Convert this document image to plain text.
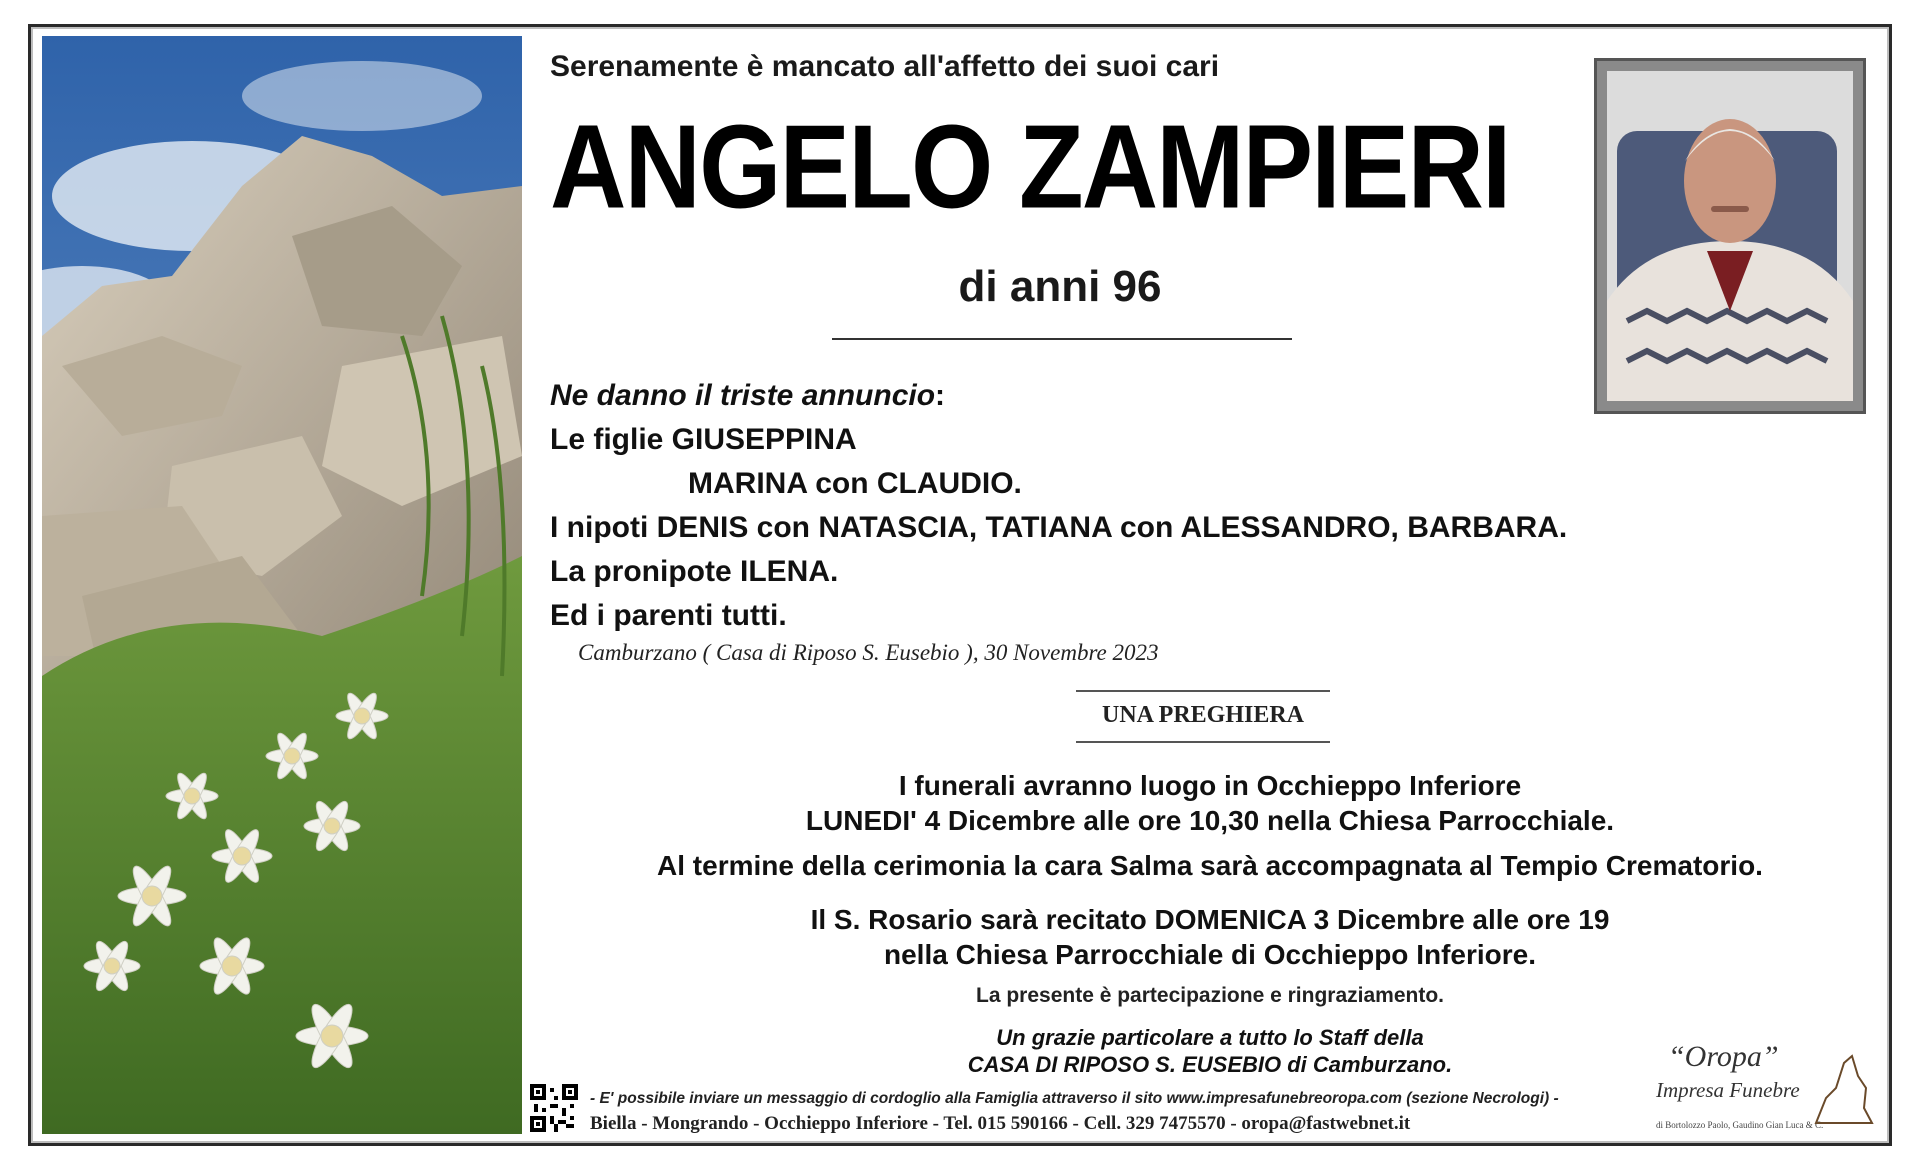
Serenamente è mancato all'affetto dei suoi cari
ANGELO ZAMPIERI
di anni 96
Ne danno il triste annuncio:
Le figlie GIUSEPPINA
MARINA con CLAUDIO.
I nipoti DENIS con NATASCIA, TATIANA con ALESSANDRO, BARBARA.
La pronipote ILENA.
Ed i parenti tutti.
Camburzano ( Casa di Riposo S. Eusebio ), 30 Novembre 2023
UNA PREGHIERA
I funerali avranno luogo in Occhieppo Inferiore
LUNEDI' 4 Dicembre alle ore 10,30 nella Chiesa Parrocchiale.
Al termine della cerimonia la cara Salma sarà accompagnata al Tempio Crematorio.
Il S. Rosario sarà recitato DOMENICA 3 Dicembre alle ore 19
nella Chiesa Parrocchiale di Occhieppo Inferiore.
La presente è partecipazione e ringraziamento.
Un grazie particolare a tutto lo Staff della
CASA DI RIPOSO S. EUSEBIO di Camburzano.
- E' possibile inviare un messaggio di cordoglio alla Famiglia attraverso il sito www.impresafunebreoropa.com (sezione Necrologi) -
Biella - Mongrando - Occhieppo Inferiore - Tel. 015 590166 - Cell. 329 7475570 - oropa@fastwebnet.it
“Oropa”
Impresa Funebre
di Bortolozzo Paolo, Gaudino Gian Luca & C.
